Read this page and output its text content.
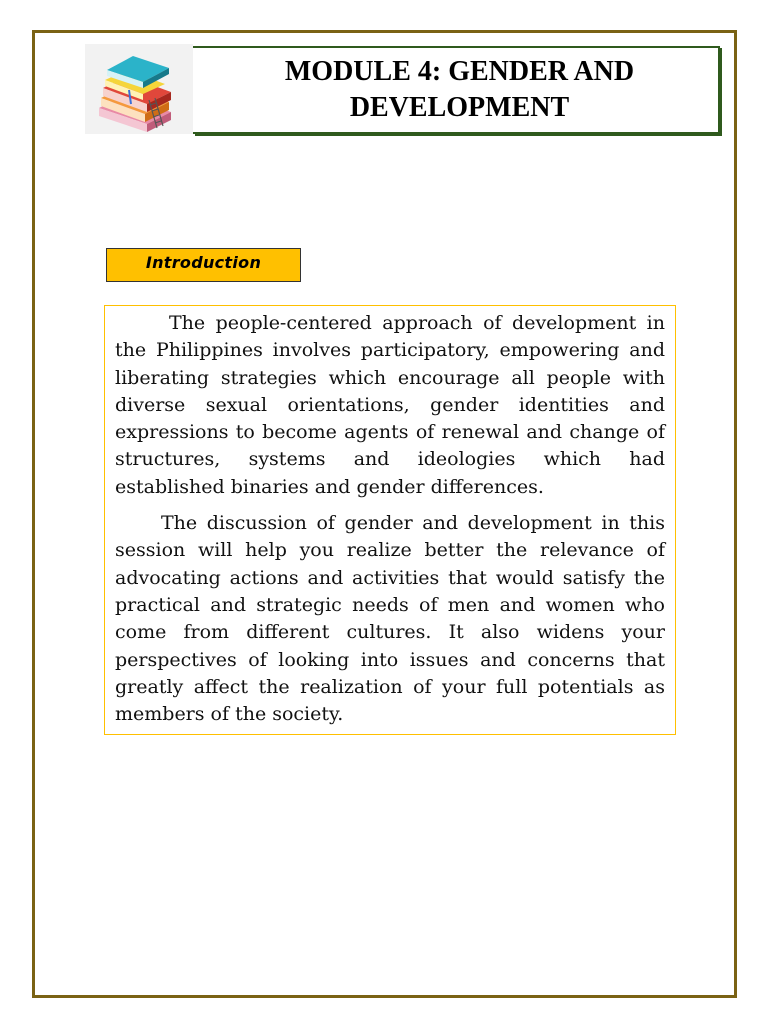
MODULE 4: GENDER AND DEVELOPMENT
Introduction

The people-centered approach of development in the Philippines involves participatory, empowering and liberating strategies which encourage all people with diverse sexual orientations, gender identities and expressions to become agents of renewal and change of structures, systems and ideologies which had established binaries and gender differences.

The discussion of gender and development in this session will help you realize better the relevance of advocating actions and activities that would satisfy the practical and strategic needs of men and women who come from different cultures. It also widens your perspectives of looking into issues and concerns that greatly affect the realization of your full potentials as members of the society.
